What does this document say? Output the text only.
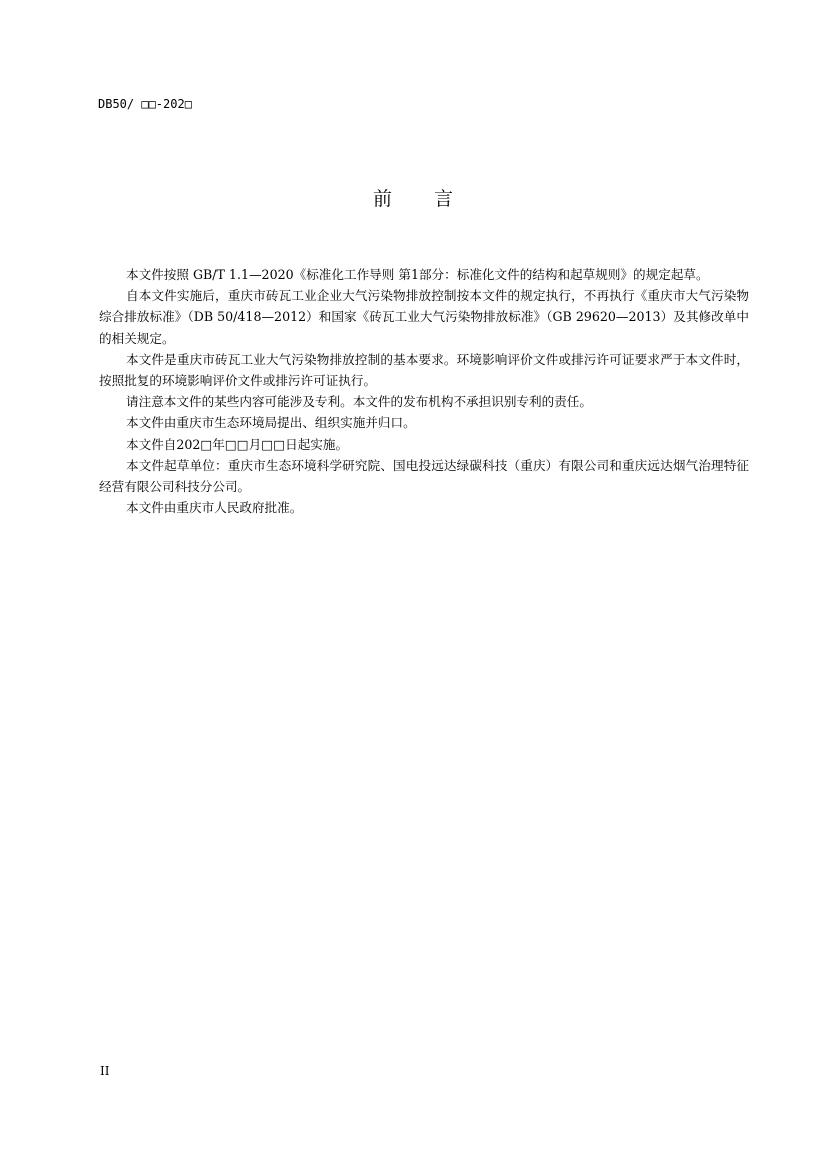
DB50/ □□-202□
前 言

本文件按照 GB/T 1.1—2020《标准化工作导则 第1部分：标准化文件的结构和起草规则》的规定起草。

自本文件实施后，重庆市砖瓦工业企业大气污染物排放控制按本文件的规定执行，不再执行《重庆市大气污染物综合排放标准》（DB 50/418—2012）和国家《砖瓦工业大气污染物排放标准》（GB 29620—2013）及其修改单中的相关规定。

本文件是重庆市砖瓦工业大气污染物排放控制的基本要求。环境影响评价文件或排污许可证要求严于本文件时，按照批复的环境影响评价文件或排污许可证执行。

请注意本文件的某些内容可能涉及专利。本文件的发布机构不承担识别专利的责任。

本文件由重庆市生态环境局提出、组织实施并归口。

本文件自202□年□□月□□日起实施。

本文件起草单位：重庆市生态环境科学研究院、国电投远达绿碳科技（重庆）有限公司和重庆远达烟气治理特征经营有限公司科技分公司。

本文件由重庆市人民政府批准。

II
